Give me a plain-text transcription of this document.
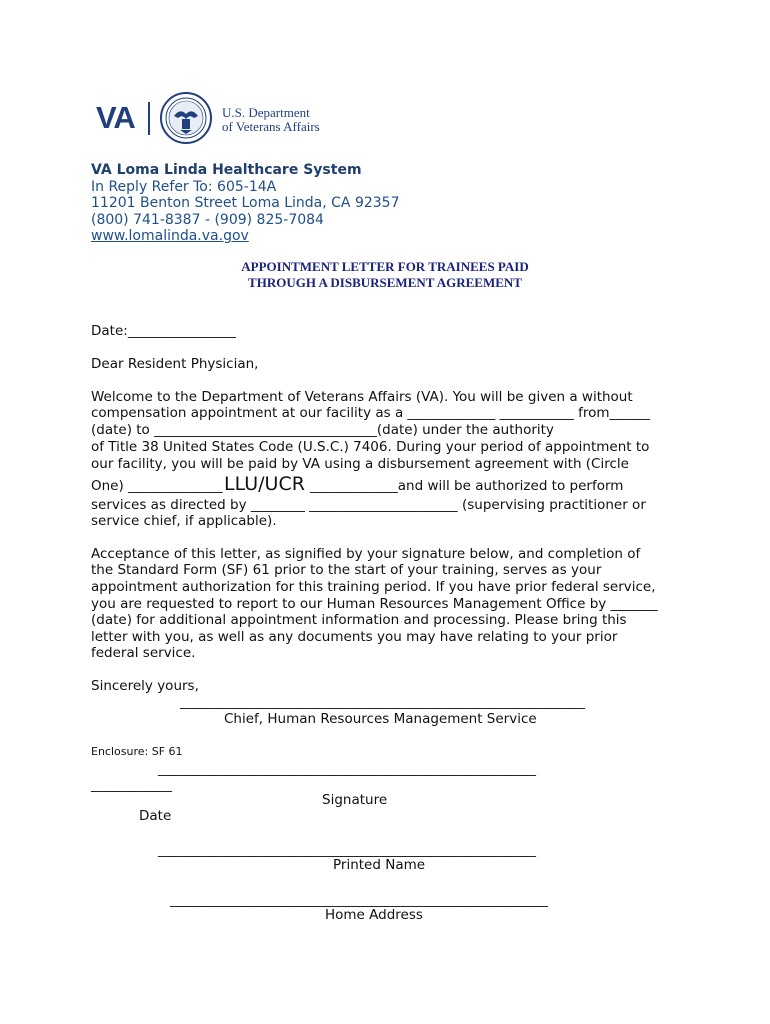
VA	U.S. Department
of Veterans Affairs
VA Loma Linda Healthcare System
In Reply Refer To: 605-14A
11201 Benton Street Loma Linda, CA 92357
(800) 741-8387 - (909) 825-7084
www.lomalinda.va.gov
APPOINTMENT LETTER FOR TRAINEES PAID
THROUGH A DISBURSEMENT AGREEMENT
Date:________________
Dear Resident Physician,
Welcome to the Department of Veterans Affairs (VA). You will be given a without
compensation appointment at our facility as a _____________ ___________ from______
(date) to _________________________________(date) under the authority
of Title 38 United States Code (U.S.C.) 7406. During your period of appointment to
our facility, you will be paid by VA using a disbursement agreement with (Circle
One) ______________ LLU/UCR _____________and will be authorized to perform
services as directed by ________ ______________________ (supervising practitioner or
service chief, if applicable).
Acceptance of this letter, as signified by your signature below, and completion of
the Standard Form (SF) 61 prior to the start of your training, serves as your
appointment authorization for this training period. If you have prior federal service,
you are requested to report to our Human Resources Management Office by _______
(date) for additional appointment information and processing. Please bring this
letter with you, as well as any documents you may have relating to your prior
federal service.
Sincerely yours,
____________________________________________________________
Chief, Human Resources Management Service
Enclosure: SF 61
________________________________________________________
____________
Signature
Date
________________________________________________________
Printed Name
________________________________________________________
Home Address
